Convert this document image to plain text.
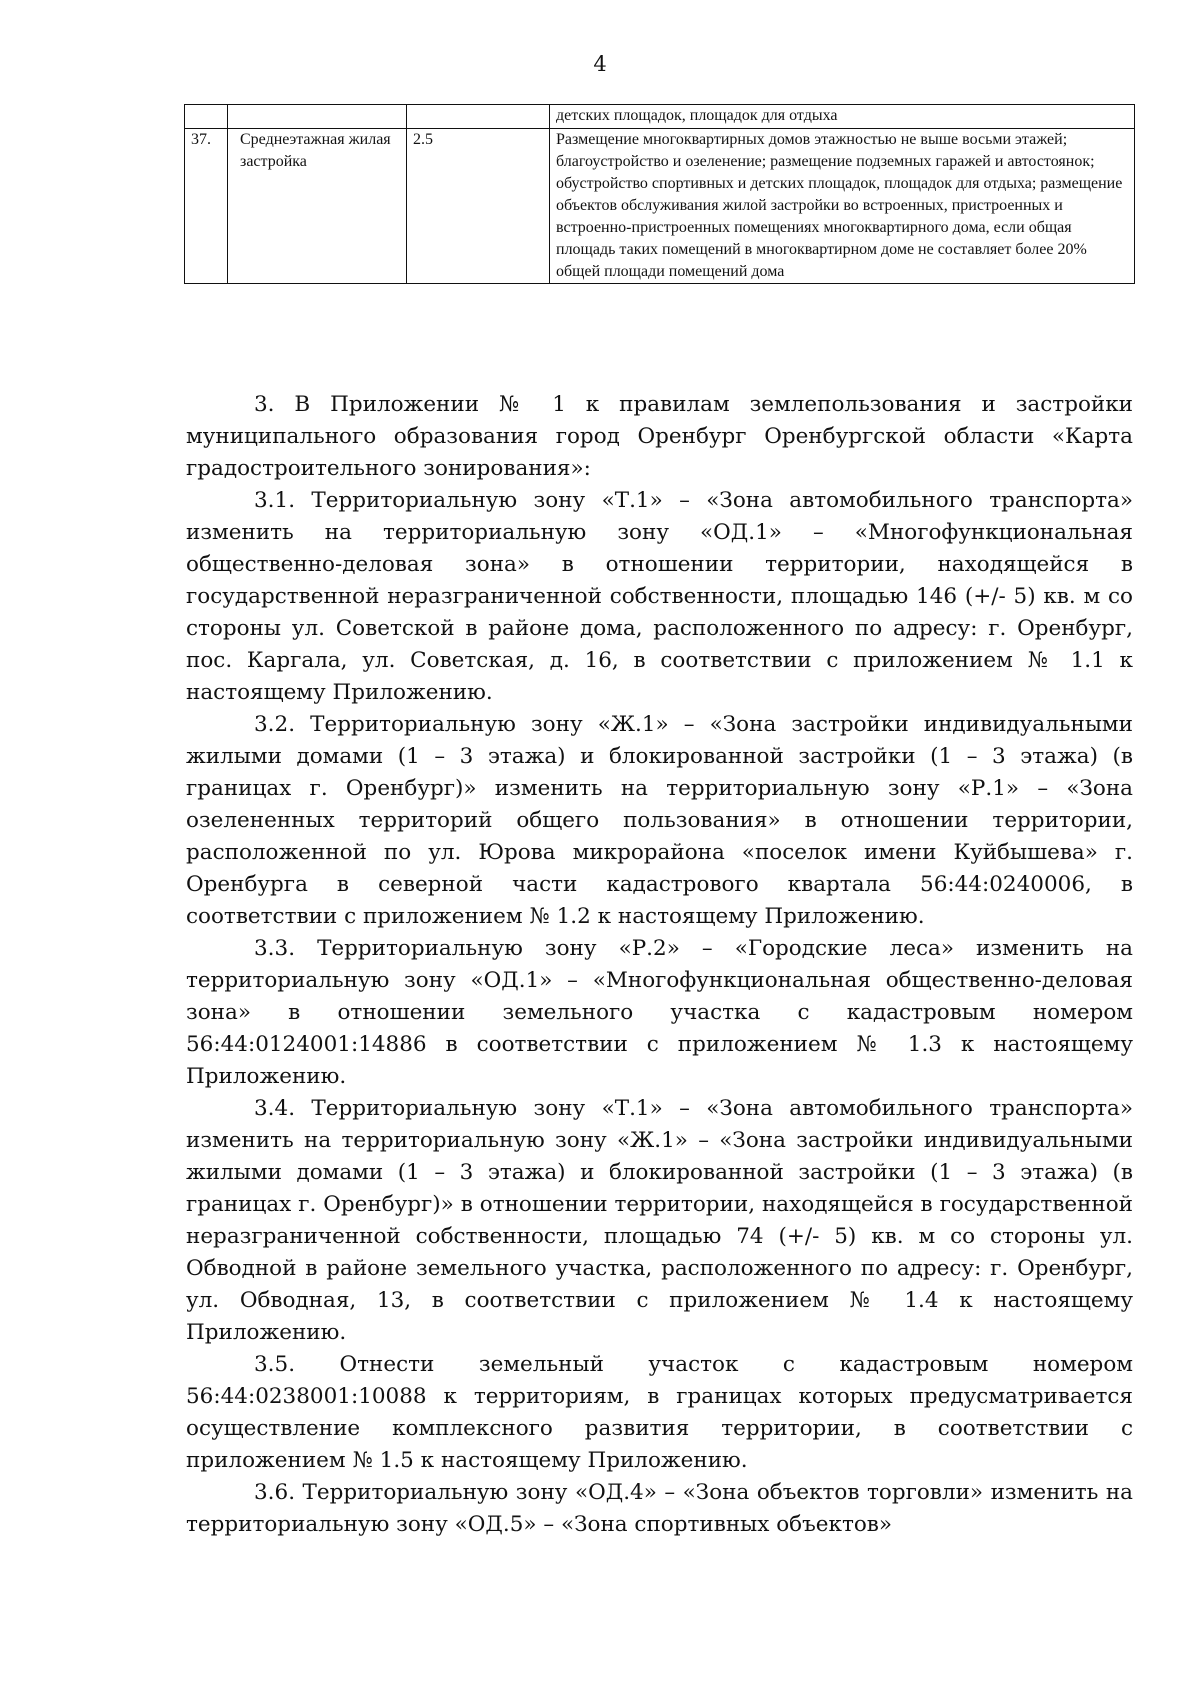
4
			детских площадок, площадок для отдыха
37.	Среднеэтажная жилая застройка	2.5	Размещение многоквартирных домов этажностью не выше восьми этажей; благоустройство и озеленение; размещение подземных гаражей и автостоянок; обустройство спортивных и детских площадок, площадок для отдыха; размещение объектов обслуживания жилой застройки во встроенных, пристроенных и встроенно-пристроенных помещениях многоквартирного дома, если общая площадь таких помещений в многоквартирном доме не составляет более 20% общей площади помещений дома

3. В Приложении № 1 к правилам землепользования и застройки муниципального образования город Оренбург Оренбургской области «Карта градостроительного зонирования»:

3.1. Территориальную зону «Т.1» – «Зона автомобильного транспорта» изменить на территориальную зону «ОД.1» – «Многофункциональная общественно-деловая зона» в отношении территории, находящейся в государственной неразграниченной собственности, площадью 146 (+/- 5) кв. м со стороны ул. Советской в районе дома, расположенного по адресу: г. Оренбург, пос. Каргала, ул. Советская, д. 16, в соответствии с приложением № 1.1 к настоящему Приложению.

3.2. Территориальную зону «Ж.1» – «Зона застройки индивидуальными жилыми домами (1 – 3 этажа) и блокированной застройки (1 – 3 этажа) (в границах г. Оренбург)» изменить на территориальную зону «Р.1» – «Зона озелененных территорий общего пользования» в отношении территории, расположенной по ул. Юрова микрорайона «поселок имени Куйбышева» г. Оренбурга в северной части кадастрового квартала 56:44:0240006, в соответствии с приложением № 1.2 к настоящему Приложению.

3.3. Территориальную зону «Р.2» – «Городские леса» изменить на территориальную зону «ОД.1» – «Многофункциональная общественно-деловая зона» в отношении земельного участка с кадастровым номером 56:44:0124001:14886 в соответствии с приложением № 1.3 к настоящему Приложению.

3.4. Территориальную зону «Т.1» – «Зона автомобильного транспорта» изменить на территориальную зону «Ж.1» – «Зона застройки индивидуальными жилыми домами (1 – 3 этажа) и блокированной застройки (1 – 3 этажа) (в границах г. Оренбург)» в отношении территории, находящейся в государственной неразграниченной собственности, площадью 74 (+/- 5) кв. м со стороны ул. Обводной в районе земельного участка, расположенного по адресу: г. Оренбург, ул. Обводная, 13, в соответствии с приложением № 1.4 к настоящему Приложению.

3.5. Отнести земельный участок с кадастровым номером 56:44:0238001:10088 к территориям, в границах которых предусматривается осуществление комплексного развития территории, в соответствии с приложением № 1.5 к настоящему Приложению.

3.6. Территориальную зону «ОД.4» – «Зона объектов торговли» изменить на территориальную зону «ОД.5» – «Зона спортивных объектов»
